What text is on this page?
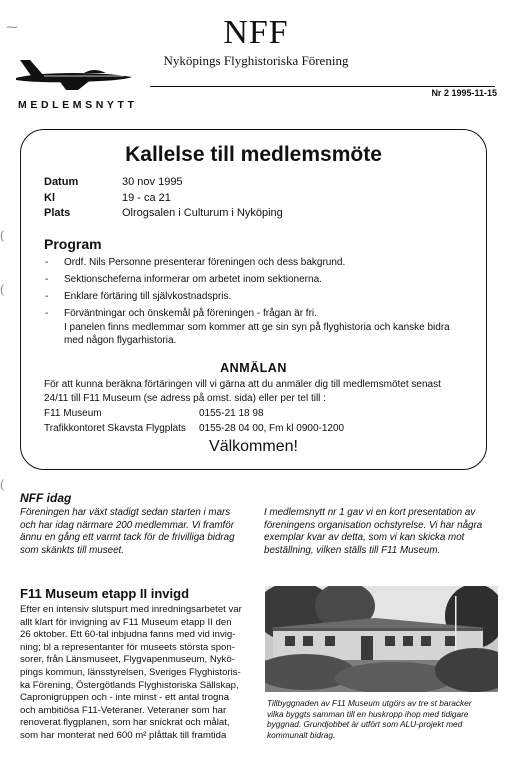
⁓
(
(
(
NFF
Nyköpings Flyghistoriska Förening
MEDLEMSNYTT
Nr 2 1995-11-15
Kallelse till medlemsmöte
Datum	30 nov 1995
Kl	19 - ca 21
Plats	Olrogsalen i Culturum i Nyköping
Program
- Ordf. Nils Personne presenterar föreningen och dess bakgrund.
- Sektionscheferna informerar om arbetet inom sektionerna.
- Enklare förtäring till självkostnadspris.
- Förväntningar och önskemål på föreningen - frågan är fri.
I panelen finns medlemmar som kommer att ge sin syn på flyghistoria och kanske bidra
med någon flygarhistoria.
ANMÄLAN
För att kunna beräkna förtäringen vill vi gärna att du anmäler dig till medlemsmötet senast
24/11 till F11 Museum (se adress på omst. sida) eller per tel till :
F11 Museum	0155-21 18 98
Trafikkontoret Skavsta Flygplats 0155-28 04 00, Fm kl 0900-1200
Välkommen!
NFF idag
Föreningen har växt stadigt sedan starten i mars
och har idag närmare 200 medlemmar. Vi framför
ännu en gång ett varmt tack för de frivilliga bidrag
som skänkts till museet.
I medlemsnytt nr 1 gav vi en kort presentation av
föreningens organisation ochstyrelse. Vi har några
exemplar kvar av detta, som vi kan skicka mot
beställning, vilken ställs till F11 Museum.
F11 Museum etapp II invigd
Efter en intensiv slutspurt med inredningsarbetet var
allt klart för invigning av F11 Museum etapp II den
26 oktober. Ett 60-tal inbjudna fanns med vid invig-
ning; bl a representanter för museets största spon-
sorer, från Länsmuseet, Flygvapenmuseum, Nykö-
pings kommun, länsstyrelsen, Sveriges Flyghistoris-
ka Förening, Östergötlands Flyghistoriska Sällskap,
Capronigruppen och - inte minst - ett antal trogna
och ambitiösa F11-Veteraner. Veteraner som har
renoverat flygplanen, som har snickrat och målat,
som har monterat ned 600 m² plåttak till framtida
Tillbyggnaden av F11 Museum utgörs av tre st baracker
vilka byggts samman till en huskropp ihop med tidigare
byggnad. Grundjobbet är utfört som ALU-projekt med
kommunalt bidrag.
